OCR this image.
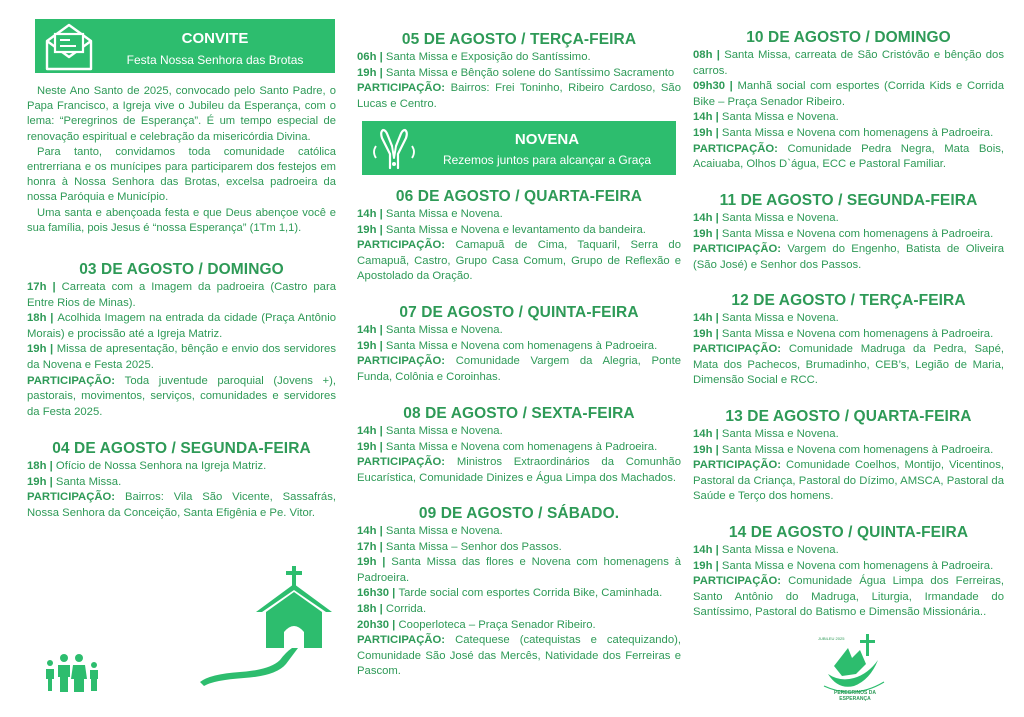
CONVITE
Festa Nossa Senhora das Brotas

Neste Ano Santo de 2025, convocado pelo Santo Padre, o Papa Francisco, a Igreja vive o Jubileu da Esperança, com o lema: “Peregrinos de Esperança”. É um tempo especial de renovação espiritual e celebração da misericórdia Divina.

Para tanto, convidamos toda comunidade católica entrerriana e os munícipes para participarem dos festejos em honra à Nossa Senhora das Brotas, excelsa padroeira da nossa Paróquia e Município.

Uma santa e abençoada festa e que Deus abençoe você e sua família, pois Jesus é “nossa Esperança” (1Tm 1,1).

03 DE AGOSTO / DOMINGO

17h | Carreata com a Imagem da padroeira (Castro para Entre Rios de Minas).

18h | Acolhida Imagem na entrada da cidade (Praça Antônio Morais) e procissão até a Igreja Matriz.

19h | Missa de apresentação, bênção e envio dos servidores da Novena e Festa 2025.

PARTICIPAÇÃO: Toda juventude paroquial (Jovens +), pastorais, movimentos, serviços, comunidades e servidores da Festa 2025.

04 DE AGOSTO / SEGUNDA-FEIRA

18h | Ofício de Nossa Senhora na Igreja Matriz.

19h | Santa Missa.

PARTICIPAÇÃO: Bairros: Vila São Vicente, Sassafrás, Nossa Senhora da Conceição, Santa Efigênia e Pe. Vitor.

05 DE AGOSTO / TERÇA-FEIRA

06h | Santa Missa e Exposição do Santíssimo.

19h | Santa Missa e Bênção solene do Santíssimo Sacramento

PARTICIPAÇÃO: Bairros: Frei Toninho, Ribeiro Cardoso, São Lucas e Centro.

NOVENA
Rezemos juntos para alcançar a Graça
06 DE AGOSTO / QUARTA-FEIRA

14h | Santa Missa e Novena.

19h | Santa Missa e Novena e levantamento da bandeira.

PARTICIPAÇÃO: Camapuã de Cima, Taquaril, Serra do Camapuã, Castro, Grupo Casa Comum, Grupo de Reflexão e Apostolado da Oração.

07 DE AGOSTO / QUINTA-FEIRA

14h | Santa Missa e Novena.

19h | Santa Missa e Novena com homenagens à Padroeira.

PARTICIPAÇÃO: Comunidade Vargem da Alegria, Ponte Funda, Colônia e Coroinhas.

08 DE AGOSTO / SEXTA-FEIRA

14h | Santa Missa e Novena.

19h | Santa Missa e Novena com homenagens à Padroeira.

PARTICIPAÇÃO: Ministros Extraordinários da Comunhão Eucarística, Comunidade Dinizes e Água Limpa dos Machados.

09 DE AGOSTO / SÁBADO.

14h | Santa Missa e Novena.

17h | Santa Missa – Senhor dos Passos.

19h | Santa Missa das flores e Novena com homenagens à Padroeira.

16h30 | Tarde social com esportes Corrida Bike, Caminhada.

18h | Corrida.

20h30 | Cooperloteca – Praça Senador Ribeiro.

PARTICIPAÇÃO: Catequese (catequistas e catequizando), Comunidade São José das Mercês, Natividade dos Ferreiras e Pascom.

10 DE AGOSTO / DOMINGO

08h | Santa Missa, carreata de São Cristóvão e bênção dos carros.

09h30 | Manhã social com esportes (Corrida Kids e Corrida Bike – Praça Senador Ribeiro.

14h | Santa Missa e Novena.

19h | Santa Missa e Novena com homenagens à Padroeira.

PARTICPAÇÃO: Comunidade Pedra Negra, Mata Bois, Acaiuaba, Olhos D`água, ECC e Pastoral Familiar.

11 DE AGOSTO / SEGUNDA-FEIRA

14h | Santa Missa e Novena.

19h | Santa Missa e Novena com homenagens à Padroeira.

PARTICIPAÇÃO: Vargem do Engenho, Batista de Oliveira (São José) e Senhor dos Passos.

12 DE AGOSTO / TERÇA-FEIRA

14h | Santa Missa e Novena.

19h | Santa Missa e Novena com homenagens à Padroeira.

PARTICIPAÇÃO: Comunidade Madruga da Pedra, Sapé, Mata dos Pachecos, Brumadinho, CEB’s, Legião de Maria, Dimensão Social e RCC.

13 DE AGOSTO / QUARTA-FEIRA

14h | Santa Missa e Novena.

19h | Santa Missa e Novena com homenagens à Padroeira.

PARTICIPAÇÃO: Comunidade Coelhos, Montijo, Vicentinos, Pastoral da Criança, Pastoral do Dízimo, AMSCA, Pastoral da Saúde e Terço dos homens.

14 DE AGOSTO / QUINTA-FEIRA

14h | Santa Missa e Novena.

19h | Santa Missa e Novena com homenagens à Padroeira.

PARTICIPAÇÃO: Comunidade Água Limpa dos Ferreiras, Santo Antônio do Madruga, Liturgia, Irmandade do Santíssimo, Pastoral do Batismo e Dimensão Missionária..

PEREGRINOS DA ESPERANÇA
JUBILEU 2025
